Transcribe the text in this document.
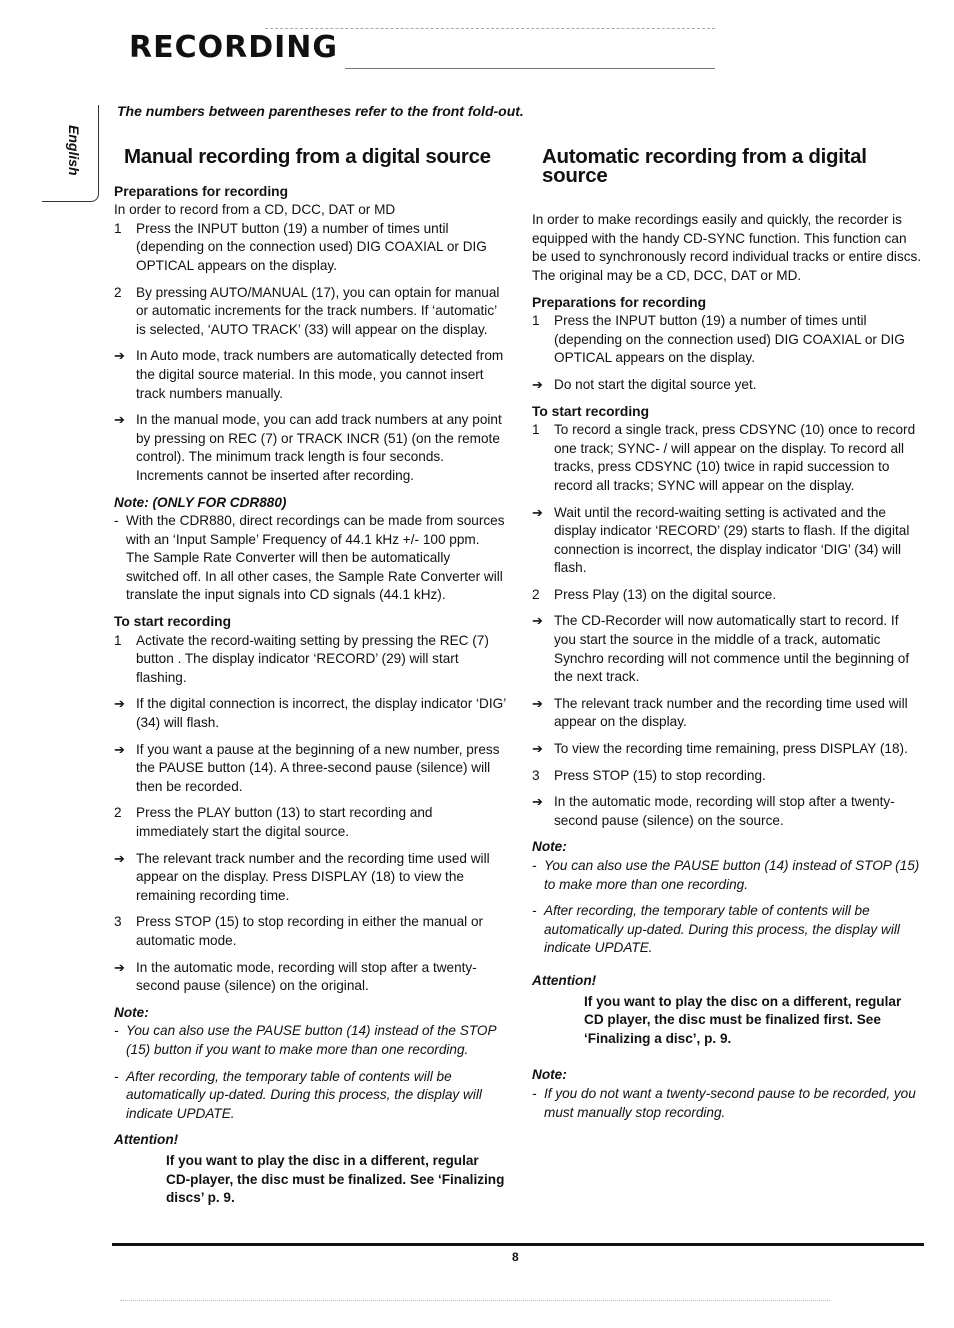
RECORDING
The numbers between parentheses refer to the front fold-out.
English Manual recording from a digital source
Preparations for recording

In order to record from a CD, DCC, DAT or MD

1 Press the INPUT button (19) a number of times until (depending on the connection used) DIG COAXIAL or DIG OPTICAL appears on the display.
2 By pressing AUTO/MANUAL (17), you can optain for manual or automatic increments for the track numbers. If ‘automatic’ is selected, ‘AUTO TRACK’ (33) will appear on the display.
➔ In Auto mode, track numbers are automatically detected from the digital source material. In this mode, you cannot insert track numbers manually.
➔ In the manual mode, you can add track numbers at any point by pressing on REC (7) or TRACK INCR (51) (on the remote control). The minimum track length is four seconds. Increments cannot be inserted after recording.
Note: (ONLY FOR CDR880)
- With the CDR880, direct recordings can be made from sources with an ‘Input Sample’ Frequency of 44.1 kHz +/- 100 ppm. The Sample Rate Converter will then be automatically switched off. In all other cases, the Sample Rate Converter will translate the input signals into CD signals (44.1 kHz).
To start recording
1 Activate the record-waiting setting by pressing the REC (7) button . The display indicator ‘RECORD’ (29) will start flashing.
➔ If the digital connection is incorrect, the display indicator ‘DIG’ (34) will flash.
➔ If you want a pause at the beginning of a new number, press the PAUSE button (14). A three-second pause (silence) will then be recorded.
2 Press the PLAY button (13) to start recording and immediately start the digital source.
➔ The relevant track number and the recording time used will appear on the display. Press DISPLAY (18) to view the remaining recording time.
3 Press STOP (15) to stop recording in either the manual or automatic mode.
➔ In the automatic mode, recording will stop after a twenty-second pause (silence) on the original.
Note:
- You can also use the PAUSE button (14) instead of the STOP (15) button if you want to make more than one recording.
- After recording, the temporary table of contents will be automatically up-dated. During this process, the display will indicate UPDATE.
Attention!
If you want to play the disc in a different, regular CD-player, the disc must be finalized. See ‘Finalizing discs’ p. 9.
Automatic recording from a digital source

In order to make recordings easily and quickly, the recorder is equipped with the handy CD-SYNC function. This function can be used to synchronously record individual tracks or entire discs. The original may be a CD, DCC, DAT or MD.

Preparations for recording
1 Press the INPUT button (19) a number of times until (depending on the connection used) DIG COAXIAL or DIG OPTICAL appears on the display.
➔ Do not start the digital source yet.
To start recording
1 To record a single track, press CDSYNC (10) once to record one track; SYNC- / will appear on the display. To record all tracks, press CDSYNC (10) twice in rapid succession to record all tracks; SYNC will appear on the display.
➔ Wait until the record-waiting setting is activated and the display indicator ‘RECORD’ (29) starts to flash. If the digital connection is incorrect, the display indicator ‘DIG’ (34) will flash.
2 Press Play (13) on the digital source.
➔ The CD-Recorder will now automatically start to record. If you start the source in the middle of a track, automatic Synchro recording will not commence until the beginning of the next track.
➔ The relevant track number and the recording time used will appear on the display.
➔ To view the recording time remaining, press DISPLAY (18).
3 Press STOP (15) to stop recording.
➔ In the automatic mode, recording will stop after a twenty- second pause (silence) on the source.
Note:
- You can also use the PAUSE button (14) instead of STOP (15) to make more than one recording.
- After recording, the temporary table of contents will be automatically up-dated. During this process, the display will indicate UPDATE.
Attention!
If you want to play the disc on a different, regular CD player, the disc must be finalized first. See ‘Finalizing a disc’, p. 9.
Note:
- If you do not want a twenty-second pause to be recorded, you must manually stop recording.
8
